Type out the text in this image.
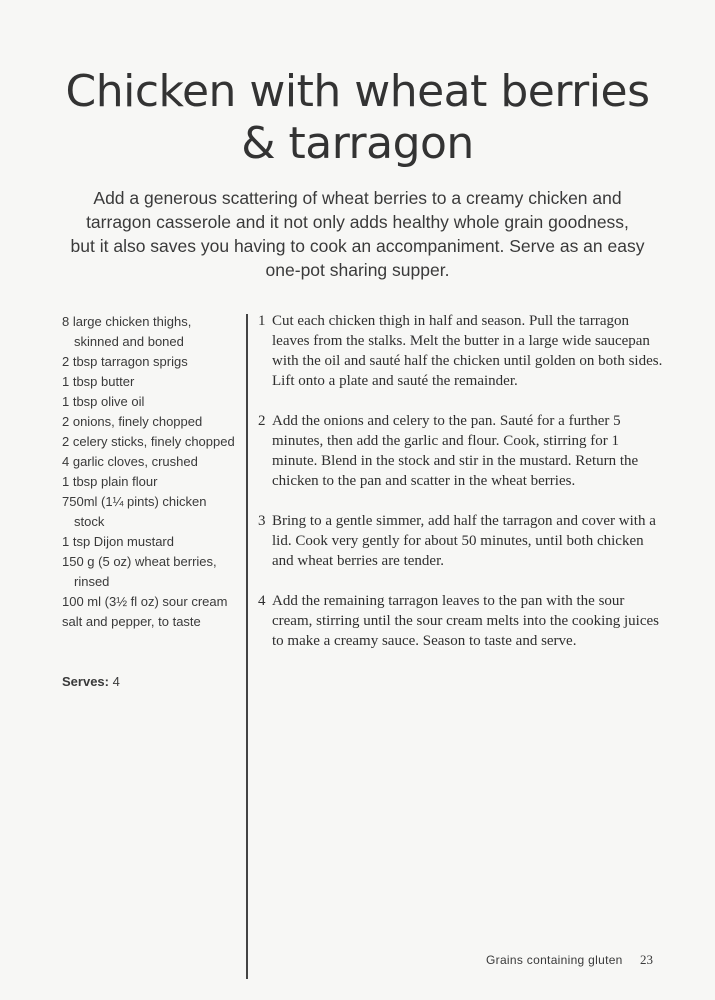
Chicken with wheat berries
& tarragon

Add a generous scattering of wheat berries to a creamy chicken and
tarragon casserole and it not only adds healthy whole grain goodness,
but it also saves you having to cook an accompaniment. Serve as an easy
one-pot sharing supper.

8 large chicken thighs, skinned and boned
2 tbsp tarragon sprigs
1 tbsp butter
1 tbsp olive oil
2 onions, finely chopped
2 celery sticks, finely chopped
4 garlic cloves, crushed
1 tbsp plain flour
750ml (1¼ pints) chicken stock
1 tsp Dijon mustard
150 g (5 oz) wheat berries, rinsed
100 ml (3½ fl oz) sour cream
salt and pepper, to taste
Serves: 4
1 Cut each chicken thigh in half and season. Pull the tarragon leaves from the stalks. Melt the butter in a large wide saucepan with the oil and sauté half the chicken until golden on both sides. Lift onto a plate and sauté the remainder.
2 Add the onions and celery to the pan. Sauté for a further 5 minutes, then add the garlic and flour. Cook, stirring for 1 minute. Blend in the stock and stir in the mustard. Return the chicken to the pan and scatter in the wheat berries.
3 Bring to a gentle simmer, add half the tarragon and cover with a lid. Cook very gently for about 50 minutes, until both chicken and wheat berries are tender.
4 Add the remaining tarragon leaves to the pan with the sour cream, stirring until the sour cream melts into the cooking juices to make a creamy sauce. Season to taste and serve.
Grains containing gluten 23
